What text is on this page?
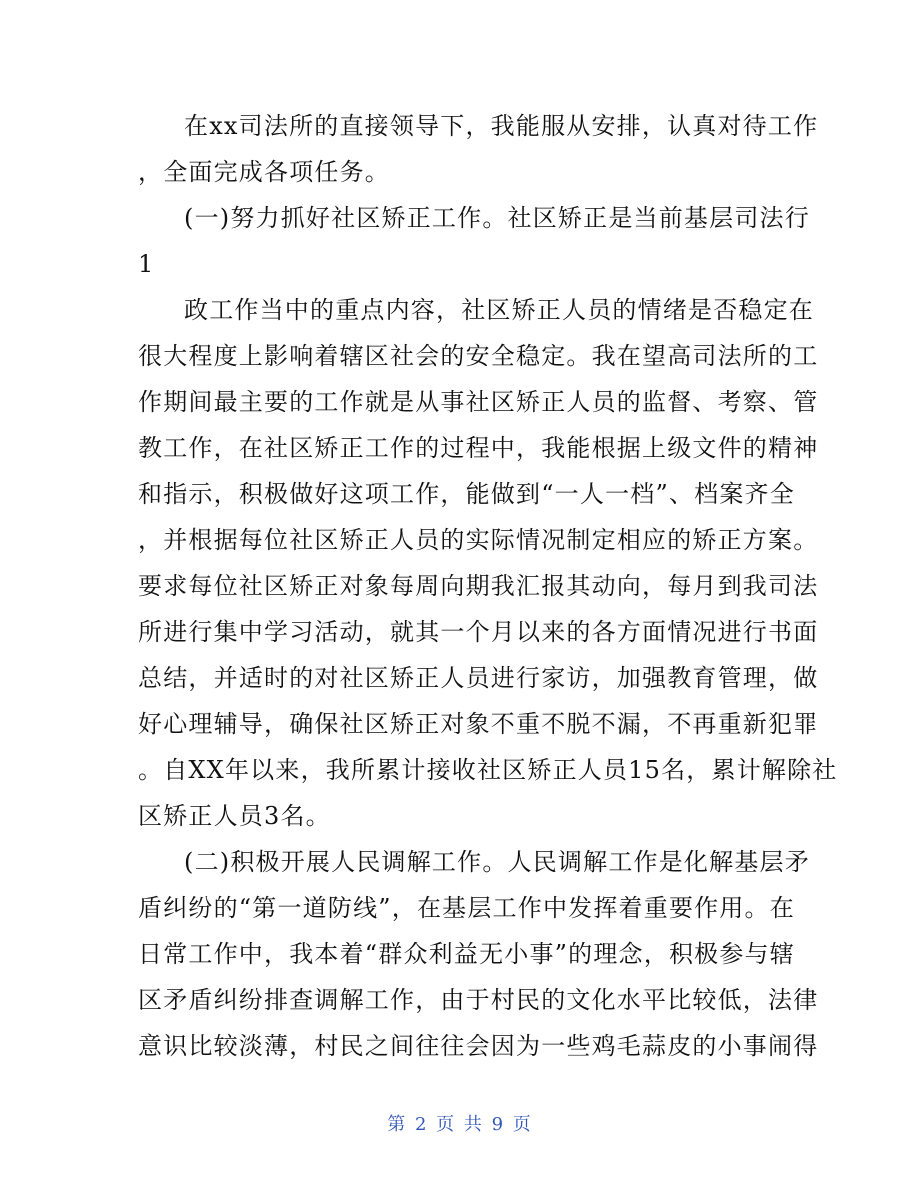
在xx司法所的直接领导下，我能服从安排，认真对待工作
，全面完成各项任务。
(一)努力抓好社区矫正工作。社区矫正是当前基层司法行
1
政工作当中的重点内容，社区矫正人员的情绪是否稳定在
很大程度上影响着辖区社会的安全稳定。我在望高司法所的工
作期间最主要的工作就是从事社区矫正人员的监督、考察、管
教工作，在社区矫正工作的过程中，我能根据上级文件的精神
和指示，积极做好这项工作，能做到“一人一档”、档案齐全
，并根据每位社区矫正人员的实际情况制定相应的矫正方案。
要求每位社区矫正对象每周向期我汇报其动向，每月到我司法
所进行集中学习活动，就其一个月以来的各方面情况进行书面
总结，并适时的对社区矫正人员进行家访，加强教育管理，做
好心理辅导，确保社区矫正对象不重不脱不漏，不再重新犯罪
。自XX年以来，我所累计接收社区矫正人员15名，累计解除社
区矫正人员3名。
(二)积极开展人民调解工作。人民调解工作是化解基层矛
盾纠纷的“第一道防线”，在基层工作中发挥着重要作用。在
日常工作中，我本着“群众利益无小事”的理念，积极参与辖
区矛盾纠纷排查调解工作，由于村民的文化水平比较低，法律
意识比较淡薄，村民之间往往会因为一些鸡毛蒜皮的小事闹得
第 2 页 共 9 页
